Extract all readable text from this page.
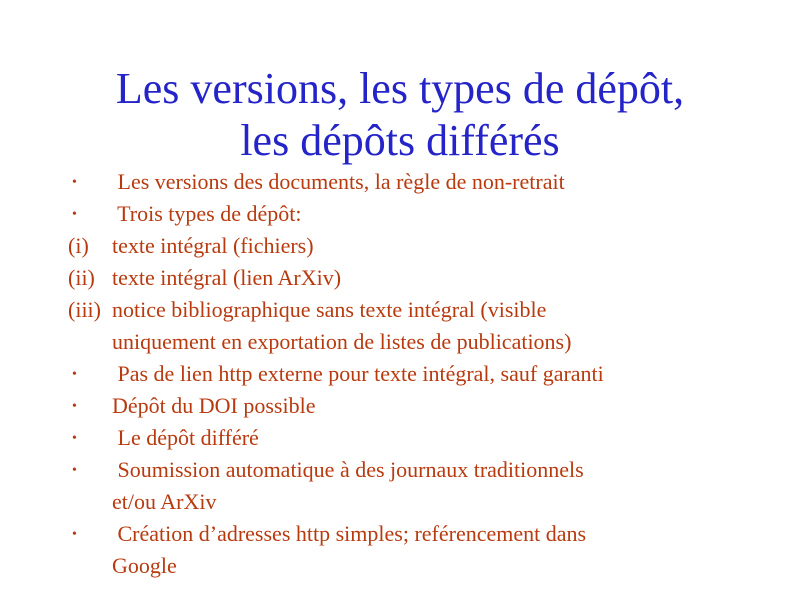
Les versions, les types de dépôt,
les dépôts différés
• Les versions des documents, la règle de non-retrait
• Trois types de dépôt:
(i) texte intégral (fichiers)
(ii) texte intégral (lien ArXiv)
(iii) notice bibliographique sans texte intégral (visible
uniquement en exportation de listes de publications)
• Pas de lien http externe pour texte intégral, sauf garanti
• Dépôt du DOI possible
• Le dépôt différé
• Soumission automatique à des journaux traditionnels
et/ou ArXiv
• Création d’adresses http simples; reférencement dans
Google
